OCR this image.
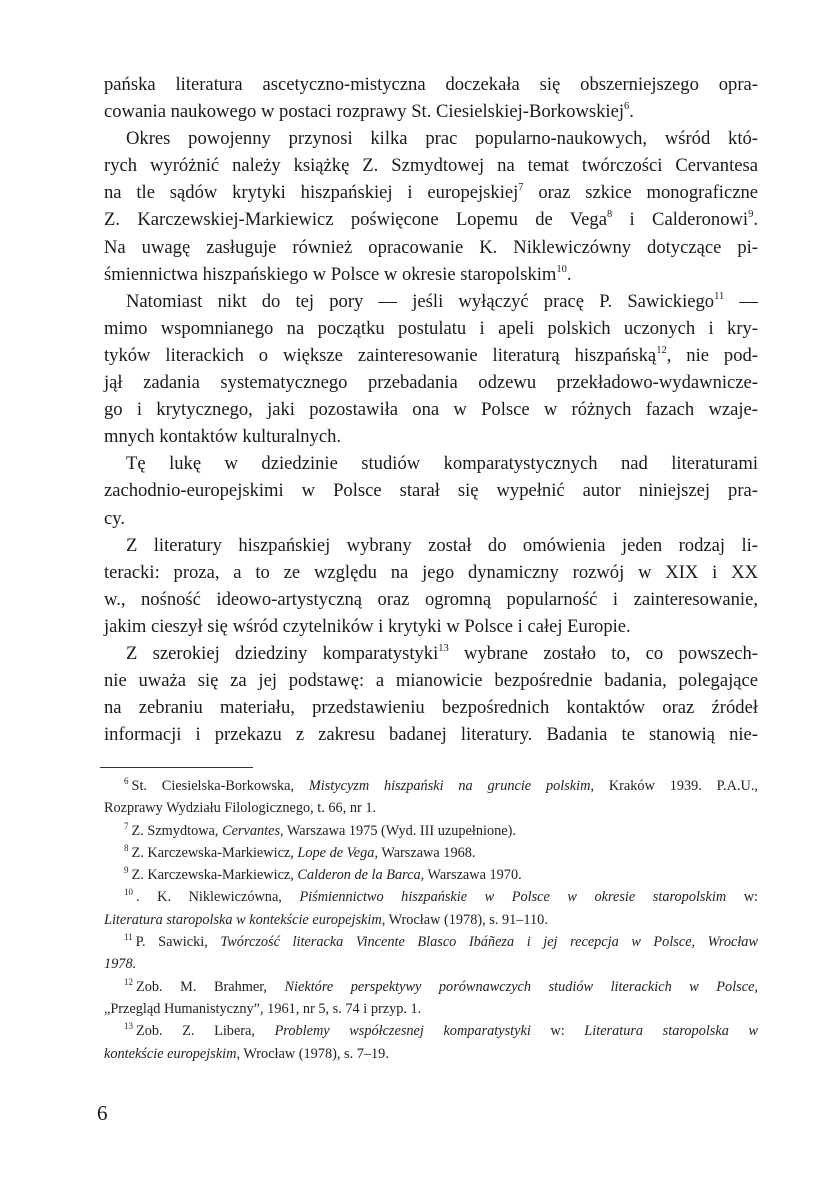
pańska literatura ascetyczno-mistyczna doczekała się obszerniejszego opra-
cowania naukowego w postaci rozprawy St. Ciesielskiej-Borkowskiej$^6$.
Okres powojenny przynosi kilka prac popularno-naukowych, wśród któ-
rych wyróżnić należy książkę Z. Szmydtowej na temat twórczości Cervantesa
na tle sądów krytyki hiszpańskiej i europejskiej$^7$ oraz szkice monograficzne
Z. Karczewskiej-Markiewicz poświęcone Lopemu de Vega$^8$ i Calderonowi$^9$.
Na uwagę zasługuje również opracowanie K. Niklewiczówny dotyczące pi-
śmiennictwa hiszpańskiego w Polsce w okresie staropolskim$^{10}$.
Natomiast nikt do tej pory — jeśli wyłączyć pracę P. Sawickiego$^{11}$ —
mimo wspomnianego na początku postulatu i apeli polskich uczonych i kry-
tyków literackich o większe zainteresowanie literaturą hiszpańską$^{12}$, nie pod-
jął zadania systematycznego przebadania odzewu przekładowo-wydawnicze-
go i krytycznego, jaki pozostawiła ona w Polsce w różnych fazach wzaje-
mnych kontaktów kulturalnych.
Tę lukę w dziedzinie studiów komparatystycznych nad literaturami
zachodnio-europejskimi w Polsce starał się wypełnić autor niniejszej pra-
cy.
Z literatury hiszpańskiej wybrany został do omówienia jeden rodzaj li-
teracki: proza, a to ze względu na jego dynamiczny rozwój w XIX i XX
w., nośność ideowo-artystyczną oraz ogromną popularność i zainteresowanie,
jakim cieszył się wśród czytelników i krytyki w Polsce i całej Europie.
Z szerokiej dziedziny komparatystyki$^{13}$ wybrane zostało to, co powszech-
nie uważa się za jej podstawę: a mianowicie bezpośrednie badania, polegające
na zebraniu materiału, przedstawieniu bezpośrednich kontaktów oraz źródeł
informacji i przekazu z zakresu badanej literatury. Badania te stanowią nie-
$^6$ St. Ciesielska-Borkowska, Mistycyzm hiszpański na gruncie polskim, Kraków 1939. P.A.U.,
Rozprawy Wydziału Filologicznego, t. 66, nr 1.
$^7$ Z. Szmydtowa, Cervantes, Warszawa 1975 (Wyd. III uzupełnione).
$^8$ Z. Karczewska-Markiewicz, Lope de Vega, Warszawa 1968.
$^9$ Z. Karczewska-Markiewicz, Calderon de la Barca, Warszawa 1970.
$^{10}$ . K. Niklewiczówna, Piśmiennictwo hiszpańskie w Polsce w okresie staropolskim w:
Literatura staropolska w kontekście europejskim, Wrocław (1978), s. 91–110.
$^{11}$ P. Sawicki, Twórczość literacka Vincente Blasco Ibáñeza i jej recepcja w Polsce, Wrocław
1978.
$^{12}$ Zob. M. Brahmer, Niektóre perspektywy porównawczych studiów literackich w Polsce,
„Przegląd Humanistyczny”, 1961, nr 5, s. 74 i przyp. 1.
$^{13}$ Zob. Z. Libera, Problemy współczesnej komparatystyki w: Literatura staropolska w
kontekście europejskim, Wrocław (1978), s. 7–19.
6
